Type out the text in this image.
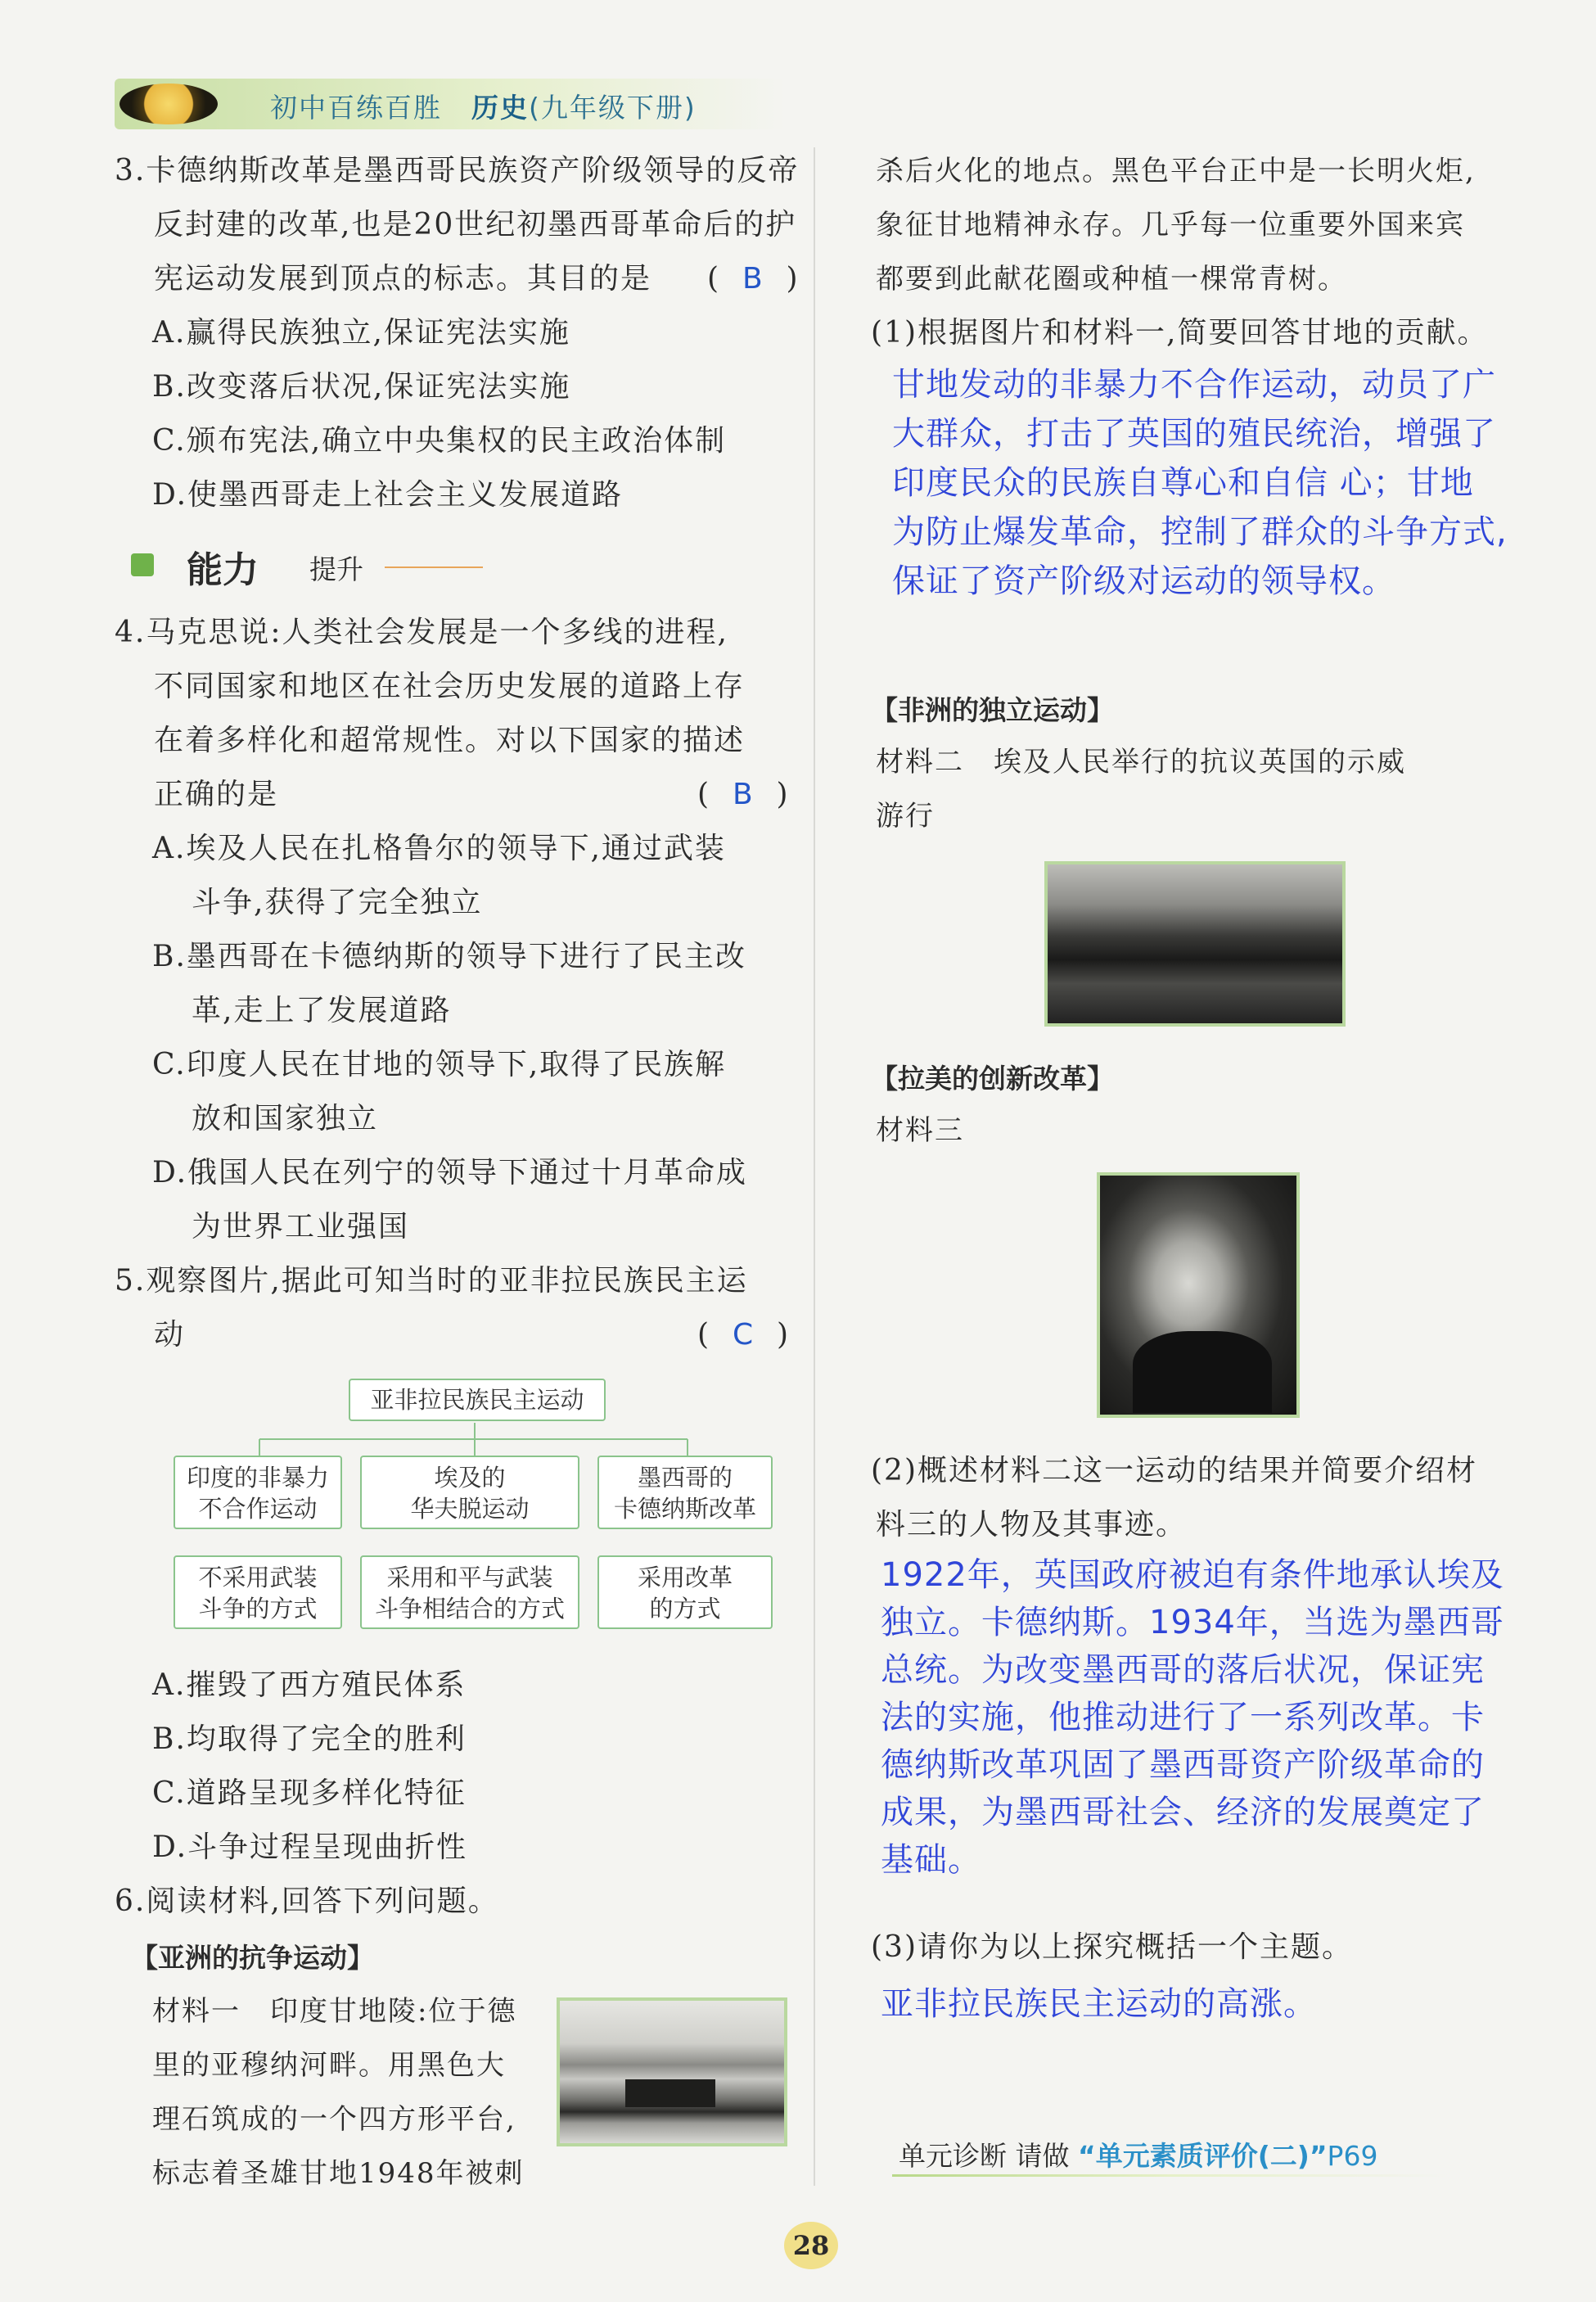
初中百练百胜 历史(九年级下册)
3.卡德纳斯改革是墨西哥民族资产阶级领导的反帝
反封建的改革,也是20世纪初墨西哥革命后的护
宪运动发展到顶点的标志。其目的是 ( B )
A.赢得民族独立,保证宪法实施
B.改变落后状况,保证宪法实施
C.颁布宪法,确立中央集权的民主政治体制
D.使墨西哥走上社会主义发展道路
能力 提升
4.马克思说:人类社会发展是一个多线的进程,
不同国家和地区在社会历史发展的道路上存
在着多样化和超常规性。对以下国家的描述
正确的是	( B )
A.埃及人民在扎格鲁尔的领导下,通过武装
斗争,获得了完全独立
B.墨西哥在卡德纳斯的领导下进行了民主改
革,走上了发展道路
C.印度人民在甘地的领导下,取得了民族解
放和国家独立
D.俄国人民在列宁的领导下通过十月革命成
为世界工业强国
5.观察图片,据此可知当时的亚非拉民族民主运
动	( C )
亚非拉民族民主运动
印度的非暴力
不合作运动
埃及的
华夫脱运动
墨西哥的
卡德纳斯改革
不采用武装
斗争的方式
采用和平与武装
斗争相结合的方式
采用改革
的方式
A.摧毁了西方殖民体系
B.均取得了完全的胜利
C.道路呈现多样化特征
D.斗争过程呈现曲折性
6.阅读材料,回答下列问题。
【亚洲的抗争运动】
材料一　印度甘地陵:位于德
里的亚穆纳河畔。用黑色大
理石筑成的一个四方形平台,
标志着圣雄甘地1948年被刺
杀后火化的地点。黑色平台正中是一长明火炬,
象征甘地精神永存。几乎每一位重要外国来宾
都要到此献花圈或种植一棵常青树。
(1)根据图片和材料一,简要回答甘地的贡献。
甘地发动的非暴力不合作运动，动员了广
大群众，打击了英国的殖民统治，增强了
印度民众的民族自尊心和自信 心；甘地
为防止爆发革命，控制了群众的斗争方式,
保证了资产阶级对运动的领导权。
【非洲的独立运动】
材料二　埃及人民举行的抗议英国的示威
游行
【拉美的创新改革】
材料三
(2)概述材料二这一运动的结果并简要介绍材
料三的人物及其事迹。
1922年，英国政府被迫有条件地承认埃及
独立。卡德纳斯。1934年，当选为墨西哥
总统。为改变墨西哥的落后状况，保证宪
法的实施，他推动进行了一系列改革。卡
德纳斯改革巩固了墨西哥资产阶级革命的
成果，为墨西哥社会、经济的发展奠定了
基础。
(3)请你为以上探究概括一个主题。
亚非拉民族民主运动的高涨。
单元诊断 请做 “单元素质评价(二)”P69
28
